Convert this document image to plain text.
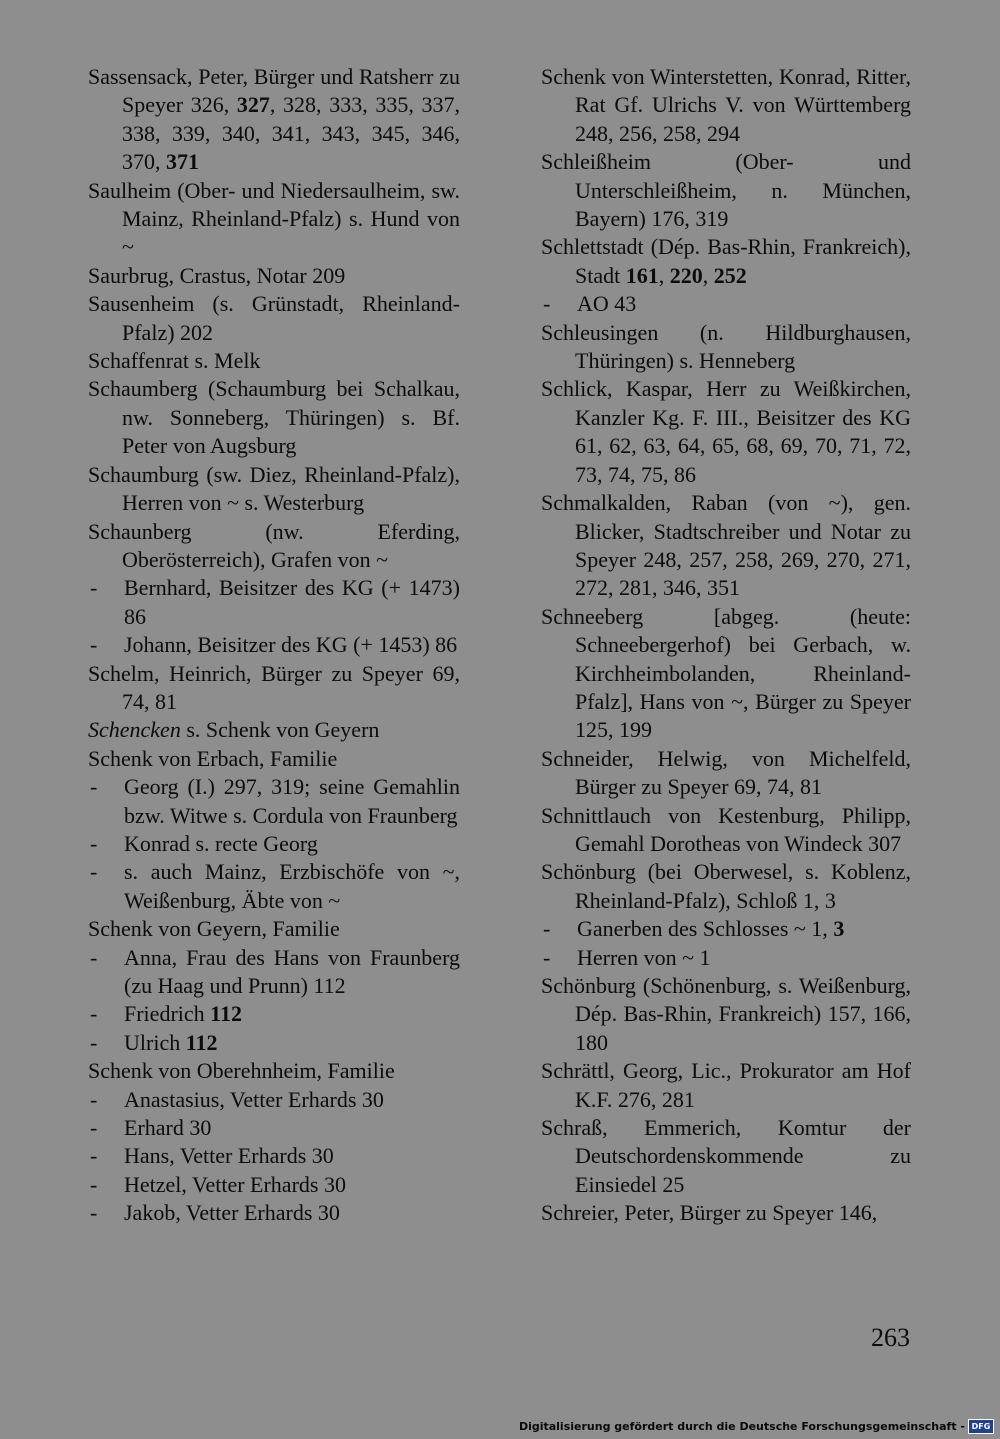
Sassensack, Peter, Bürger und Ratsherr zu Speyer 326, 327, 328, 333, 335, 337, 338, 339, 340, 341, 343, 345, 346, 370, 371
Saulheim (Ober- und Niedersaulheim, sw. Mainz, Rheinland-Pfalz) s. Hund von ~
Saurbrug, Crastus, Notar 209
Sausenheim (s. Grünstadt, Rheinland-Pfalz) 202
Schaffenrat s. Melk
Schaumberg (Schaumburg bei Schalkau, nw. Sonneberg, Thüringen) s. Bf. Peter von Augsburg
Schaumburg (sw. Diez, Rheinland-Pfalz), Herren von ~ s. Westerburg
Schaunberg (nw. Eferding, Oberösterreich), Grafen von ~
- Bernhard, Beisitzer des KG (+ 1473) 86
- Johann, Beisitzer des KG (+ 1453) 86
Schelm, Heinrich, Bürger zu Speyer 69, 74, 81
Schencken s. Schenk von Geyern
Schenk von Erbach, Familie
- Georg (I.) 297, 319; seine Gemahlin bzw. Witwe s. Cordula von Fraunberg
- Konrad s. recte Georg
- s. auch Mainz, Erzbischöfe von ~, Weißenburg, Äbte von ~
Schenk von Geyern, Familie
- Anna, Frau des Hans von Fraunberg (zu Haag und Prunn) 112
- Friedrich 112
- Ulrich 112
Schenk von Oberehnheim, Familie
- Anastasius, Vetter Erhards 30
- Erhard 30
- Hans, Vetter Erhards 30
- Hetzel, Vetter Erhards 30
- Jakob, Vetter Erhards 30
Schenk von Winterstetten, Konrad, Ritter, Rat Gf. Ulrichs V. von Württemberg 248, 256, 258, 294
Schleißheim (Ober- und Unterschleißheim, n. München, Bayern) 176, 319
Schlettstadt (Dép. Bas-Rhin, Frankreich), Stadt 161, 220, 252
- AO 43
Schleusingen (n. Hildburghausen, Thüringen) s. Henneberg
Schlick, Kaspar, Herr zu Weißkirchen, Kanzler Kg. F. III., Beisitzer des KG 61, 62, 63, 64, 65, 68, 69, 70, 71, 72, 73, 74, 75, 86
Schmalkalden, Raban (von ~), gen. Blicker, Stadtschreiber und Notar zu Speyer 248, 257, 258, 269, 270, 271, 272, 281, 346, 351
Schneeberg [abgeg. (heute: Schneebergerhof) bei Gerbach, w. Kirchheimbolanden, Rheinland-Pfalz], Hans von ~, Bürger zu Speyer 125, 199
Schneider, Helwig, von Michelfeld, Bürger zu Speyer 69, 74, 81
Schnittlauch von Kestenburg, Philipp, Gemahl Dorotheas von Windeck 307
Schönburg (bei Oberwesel, s. Koblenz, Rheinland-Pfalz), Schloß 1, 3
- Ganerben des Schlosses ~ 1, 3
- Herren von ~ 1
Schönburg (Schönenburg, s. Weißenburg, Dép. Bas-Rhin, Frankreich) 157, 166, 180
Schrättl, Georg, Lic., Prokurator am Hof K.F. 276, 281
Schraß, Emmerich, Komtur der Deutschordenskommende zu Einsiedel 25
Schreier, Peter, Bürger zu Speyer 146,
263
Digitalisierung gefördert durch die Deutsche Forschungsgemeinschaft - DFG
